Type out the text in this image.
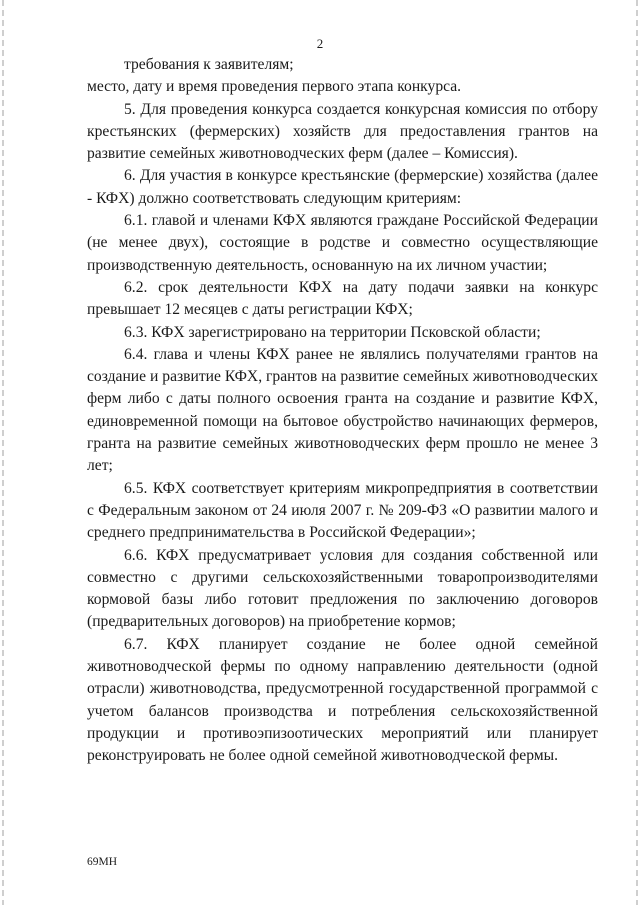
2

требования к заявителям;

место, дату и время проведения первого этапа конкурса.

5. Для проведения конкурса создается конкурсная комиссия по отбору крестьянских (фермерских) хозяйств для предоставления грантов на развитие семейных животноводческих ферм (далее – Комиссия).

6. Для участия в конкурсе крестьянские (фермерские) хозяйства (далее - КФХ) должно соответствовать следующим критериям:

6.1. главой и членами КФХ являются граждане Российской Федерации (не менее двух), состоящие в родстве и совместно осуществляющие производственную деятельность, основанную на их личном участии;

6.2. срок деятельности КФХ на дату подачи заявки на конкурс превышает 12 месяцев с даты регистрации КФХ;

6.3. КФХ зарегистрировано на территории Псковской области;

6.4. глава и члены КФХ ранее не являлись получателями грантов на создание и развитие КФХ, грантов на развитие семейных животноводческих ферм либо с даты полного освоения гранта на создание и развитие КФХ, единовременной помощи на бытовое обустройство начинающих фермеров, гранта на развитие семейных животноводческих ферм прошло не менее 3 лет;

6.5. КФХ соответствует критериям микропредприятия в соответствии с Федеральным законом от 24 июля 2007 г. № 209-ФЗ «О развитии малого и среднего предпринимательства в Российской Федерации»;

6.6. КФХ предусматривает условия для создания собственной или совместно с другими сельскохозяйственными товаропроизводителями кормовой базы либо готовит предложения по заключению договоров (предварительных договоров) на приобретение кормов;

6.7. КФХ планирует создание не более одной семейной животноводческой фермы по одному направлению деятельности (одной отрасли) животноводства, предусмотренной государственной программой с учетом балансов производства и потребления сельскохозяйственной продукции и противоэпизоотических мероприятий или планирует реконструировать не более одной семейной животноводческой фермы.

69МН
